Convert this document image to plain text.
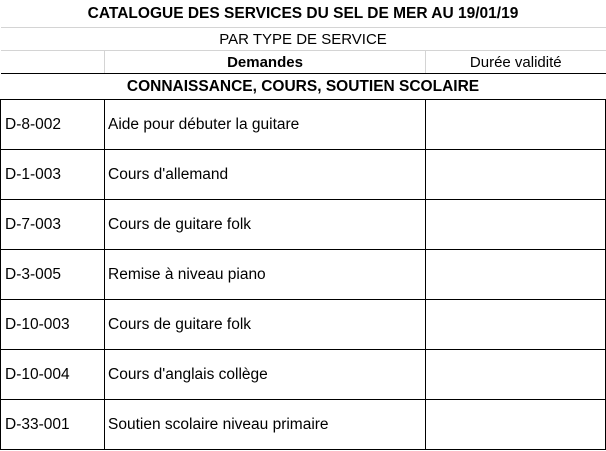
CATALOGUE DES SERVICES DU SEL DE MER AU 19/01/19		
PAR TYPE DE SERVICE		
	Demandes	Durée validité
CONNAISSANCE, COURS, SOUTIEN SCOLAIRE		
D-8-002	Aide pour débuter la guitare	
D-1-003	Cours d'allemand	
D-7-003	Cours de guitare folk	
D-3-005	Remise à niveau piano	
D-10-003	Cours de guitare folk	
D-10-004	Cours d'anglais collège	
D-33-001	Soutien scolaire niveau primaire	
